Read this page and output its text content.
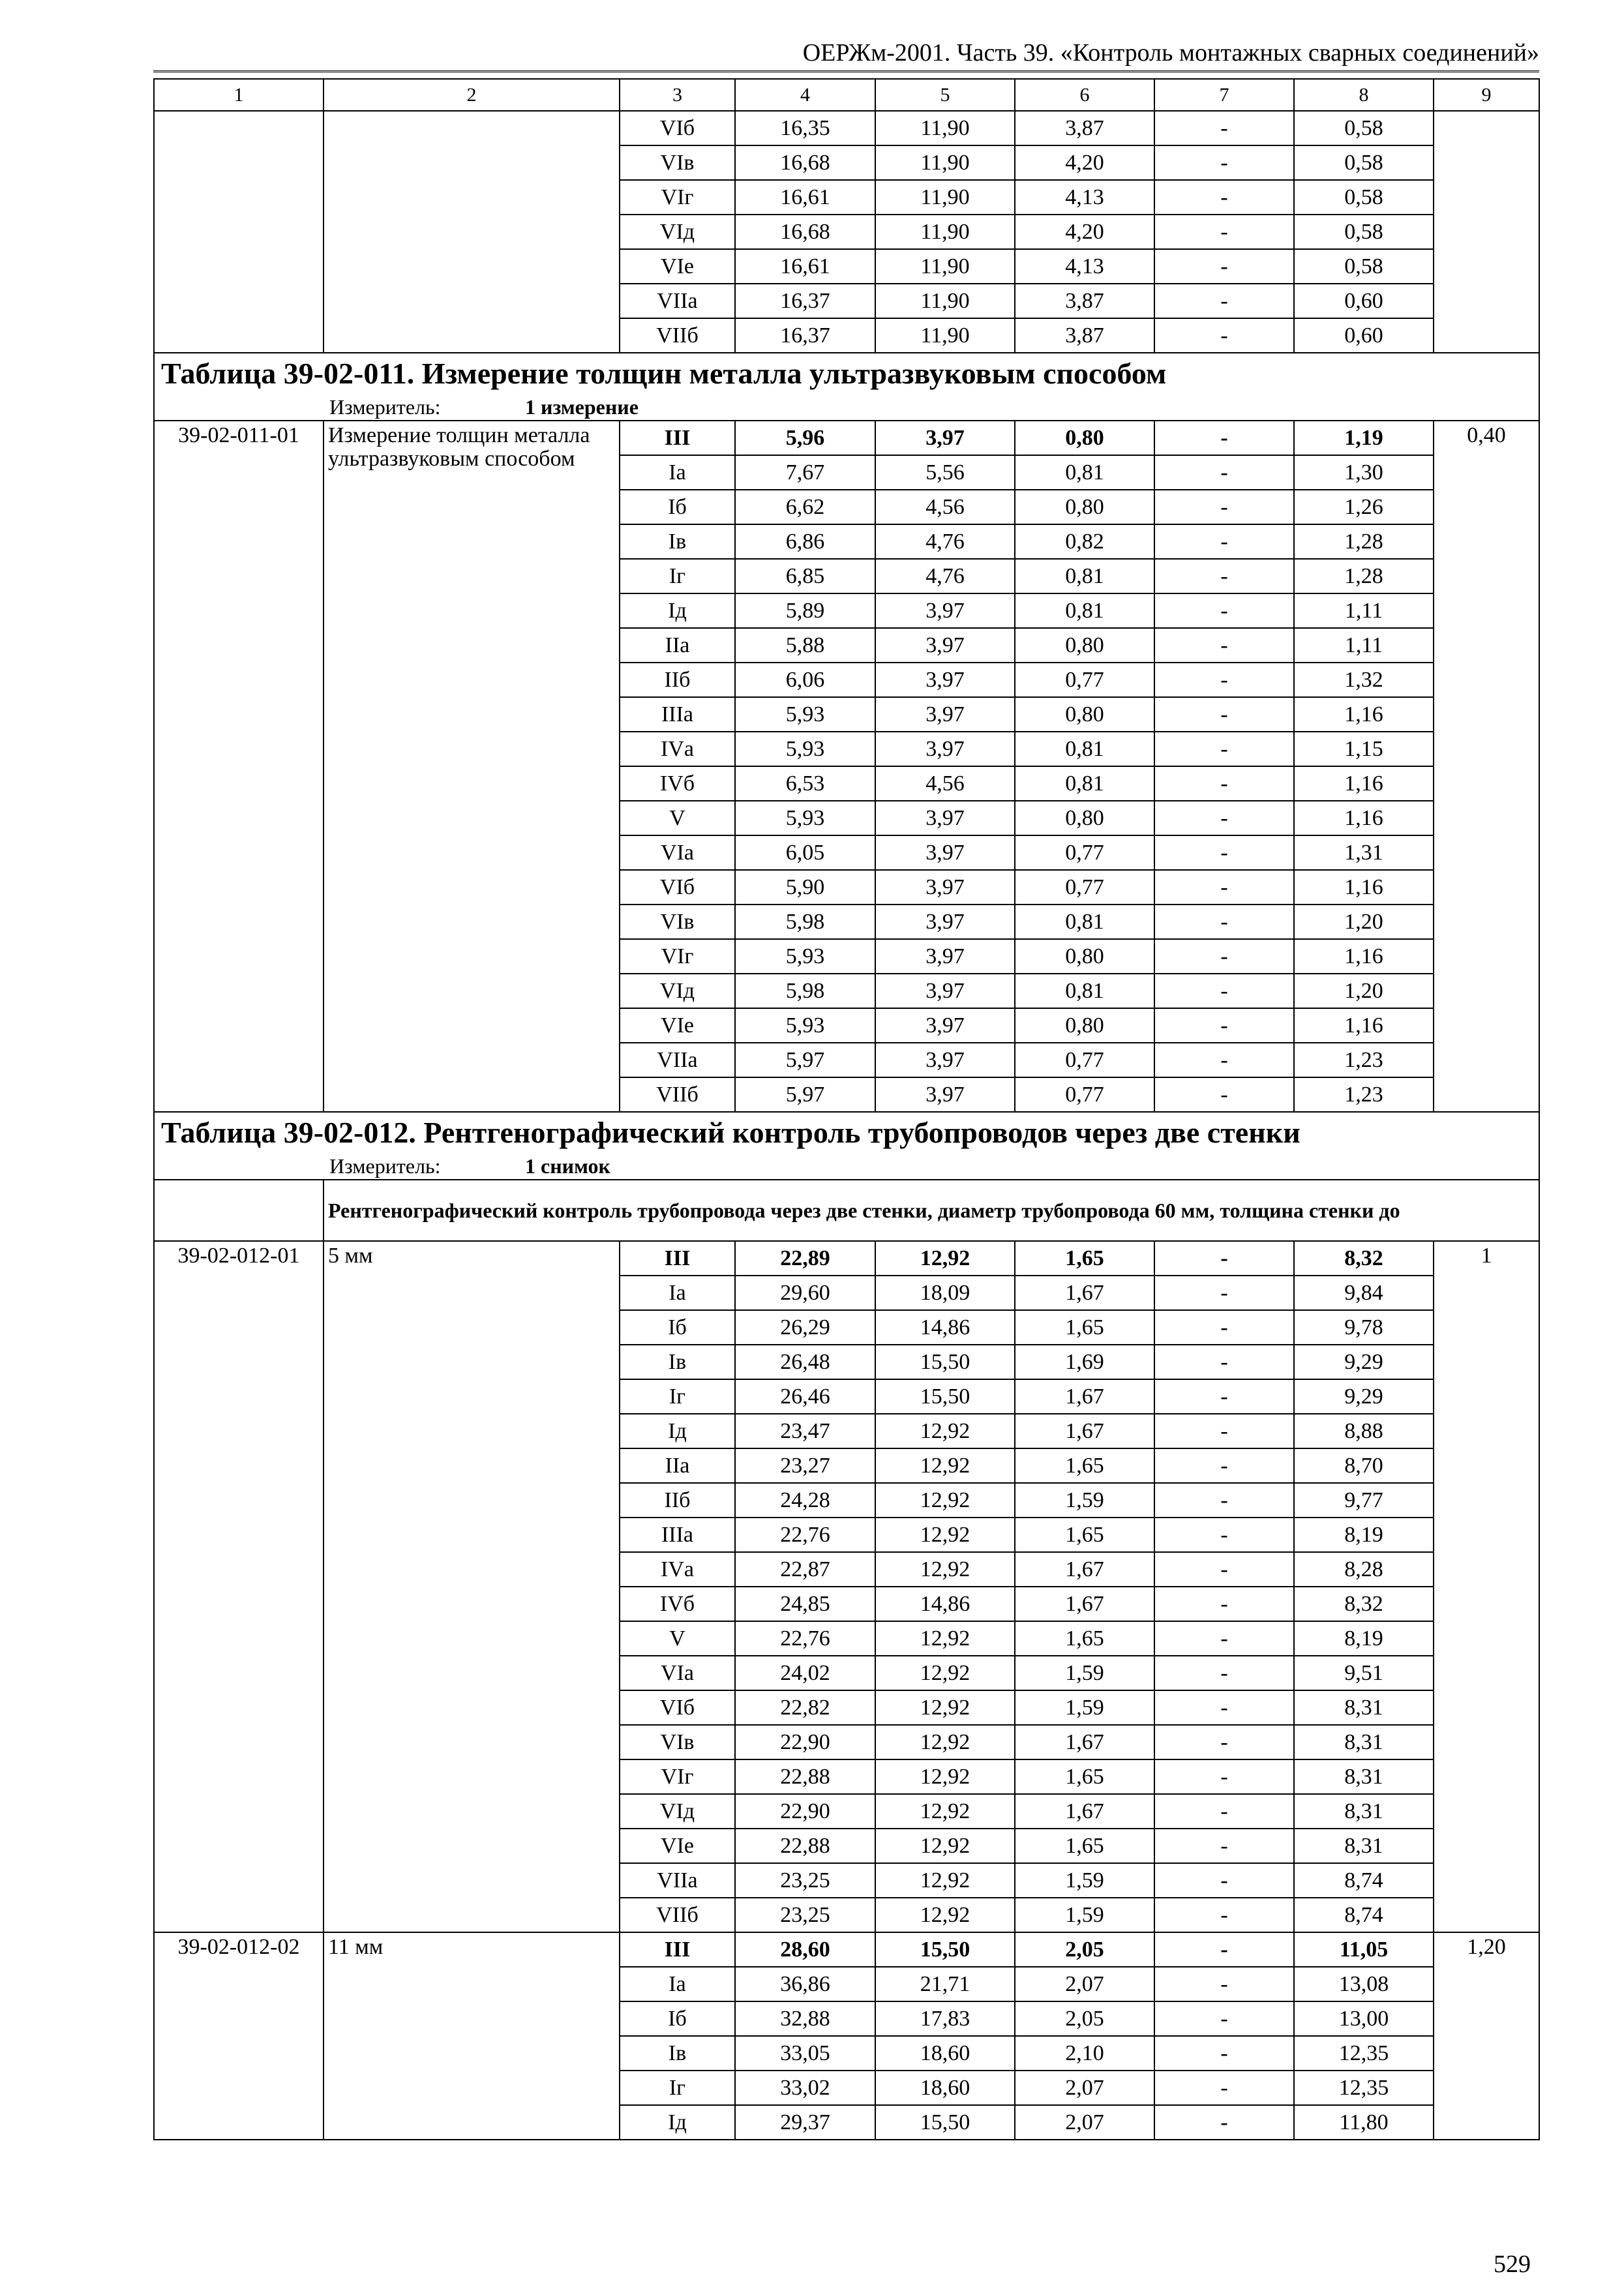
ОЕРЖм-2001. Часть 39. «Контроль монтажных сварных соединений»
1	2	3	4	5	6	7	8	9
		VIб	16,35	11,90	3,87	-	0,58	
		VIв	16,68	11,90	4,20	-	0,58	
		VIг	16,61	11,90	4,13	-	0,58	
		VIд	16,68	11,90	4,20	-	0,58	
		VIе	16,61	11,90	4,13	-	0,58	
		VIIа	16,37	11,90	3,87	-	0,60	
		VIIб	16,37	11,90	3,87	-	0,60	
Таблица 39-02-011. Измерение толщин металла ультразвуковым способом								
Измеритель: 1 измерение								
39-02-011-01	Измерение толщин металла ультразвуковым способом	III	5,96	3,97	0,80	-	1,19	0,40
		Iа	7,67	5,56	0,81	-	1,30	
		Iб	6,62	4,56	0,80	-	1,26	
		Iв	6,86	4,76	0,82	-	1,28	
		Iг	6,85	4,76	0,81	-	1,28	
		Iд	5,89	3,97	0,81	-	1,11	
		IIа	5,88	3,97	0,80	-	1,11	
		IIб	6,06	3,97	0,77	-	1,32	
		IIIа	5,93	3,97	0,80	-	1,16	
		IVа	5,93	3,97	0,81	-	1,15	
		IVб	6,53	4,56	0,81	-	1,16	
		V	5,93	3,97	0,80	-	1,16	
		VIа	6,05	3,97	0,77	-	1,31	
		VIб	5,90	3,97	0,77	-	1,16	
		VIв	5,98	3,97	0,81	-	1,20	
		VIг	5,93	3,97	0,80	-	1,16	
		VIд	5,98	3,97	0,81	-	1,20	
		VIе	5,93	3,97	0,80	-	1,16	
		VIIа	5,97	3,97	0,77	-	1,23	
		VIIб	5,97	3,97	0,77	-	1,23	
Таблица 39-02-012. Рентгенографический контроль трубопроводов через две стенки								
Измеритель: 1 снимок								
	Рентгенографический контроль трубопровода через две стенки, диаметр трубопровода 60 мм, толщина стенки до							
39-02-012-01	5 мм	III	22,89	12,92	1,65	-	8,32	1
		Iа	29,60	18,09	1,67	-	9,84	
		Iб	26,29	14,86	1,65	-	9,78	
		Iв	26,48	15,50	1,69	-	9,29	
		Iг	26,46	15,50	1,67	-	9,29	
		Iд	23,47	12,92	1,67	-	8,88	
		IIа	23,27	12,92	1,65	-	8,70	
		IIб	24,28	12,92	1,59	-	9,77	
		IIIа	22,76	12,92	1,65	-	8,19	
		IVа	22,87	12,92	1,67	-	8,28	
		IVб	24,85	14,86	1,67	-	8,32	
		V	22,76	12,92	1,65	-	8,19	
		VIа	24,02	12,92	1,59	-	9,51	
		VIб	22,82	12,92	1,59	-	8,31	
		VIв	22,90	12,92	1,67	-	8,31	
		VIг	22,88	12,92	1,65	-	8,31	
		VIд	22,90	12,92	1,67	-	8,31	
		VIе	22,88	12,92	1,65	-	8,31	
		VIIа	23,25	12,92	1,59	-	8,74	
		VIIб	23,25	12,92	1,59	-	8,74	
39-02-012-02	11 мм	III	28,60	15,50	2,05	-	11,05	1,20
		Iа	36,86	21,71	2,07	-	13,08	
		Iб	32,88	17,83	2,05	-	13,00	
		Iв	33,05	18,60	2,10	-	12,35	
		Iг	33,02	18,60	2,07	-	12,35	
		Iд	29,37	15,50	2,07	-	11,80	
529
